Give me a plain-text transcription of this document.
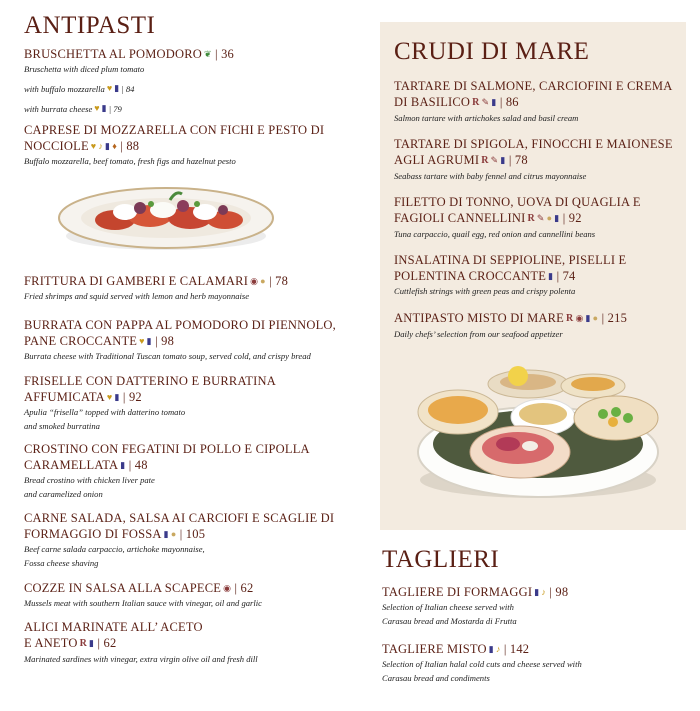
ANTIPASTI
BRUSCHETTA AL POMODORO ❦ | 36
Bruschetta with diced plum tomato
with buffalo mozzarella ♥ ▮ | 84
with burrata cheese ♥ ▮ | 79
CAPRESE DI MOZZARELLA CON FICHI E PESTO DI
NOCCIOLE ♥ ♪ ▮ ♦ | 88
Buffalo mozzarella, beef tomato, fresh figs and hazelnut pesto
FRITTURA DI GAMBERI E CALAMARI ◉ ● | 78
Fried shrimps and squid served with lemon and herb mayonnaise
BURRATA CON PAPPA AL POMODORO DI PIENNOLO,
PANE CROCCANTE ♥ ▮ | 98
Burrata cheese with Traditional Tuscan tomato soup, served cold, and crispy bread
FRISELLE CON DATTERINO E BURRATINA
AFFUMICATA ♥ ▮ | 92
Apulia “frisella” topped with datterino tomato
and smoked burratina
CROSTINO CON FEGATINI DI POLLO E CIPOLLA
CARAMELLATA ▮ | 48
Bread crostino with chicken liver pate
and caramelized onion
CARNE SALADA, SALSA AI CARCIOFI E SCAGLIE DI
FORMAGGIO DI FOSSA ▮ ● | 105
Beef carne salada carpaccio, artichoke mayonnaise,
Fossa cheese shaving
COZZE IN SALSA ALLA SCAPECE ◉ | 62
Mussels meat with southern Italian sauce with vinegar, oil and garlic
ALICI MARINATE ALL’ ACETO
E ANETO R ▮ | 62
Marinated sardines with vinegar, extra virgin olive oil and fresh dill
CRUDI DI MARE
TARTARE DI SALMONE, CARCIOFINI E CREMA
DI BASILICO R ✎ ▮ | 86
Salmon tartare with artichokes salad and basil cream
TARTARE DI SPIGOLA, FINOCCHI E MAIONESE
AGLI AGRUMI R ✎ ▮ | 78
Seabass tartare with baby fennel and citrus mayonnaise
FILETTO DI TONNO, UOVA DI QUAGLIA E
FAGIOLI CANNELLINI R ✎ ● ▮ | 92
Tuna carpaccio, quail egg, red onion and cannellini beans
INSALATINA DI SEPPIOLINE, PISELLI E
POLENTINA CROCCANTE ▮ | 74
Cuttlefish strings with green peas and crispy polenta
ANTIPASTO MISTO DI MARE R ◉ ▮ ● | 215
Daily chefs’ selection from our seafood appetizer
TAGLIERI
TAGLIERE DI FORMAGGI ▮ ♪ | 98
Selection of Italian cheese served with
Carasau bread and Mostarda di Frutta
TAGLIERE MISTO ▮ ♪ | 142
Selection of Italian halal cold cuts and cheese served with
Carasau bread and condiments
